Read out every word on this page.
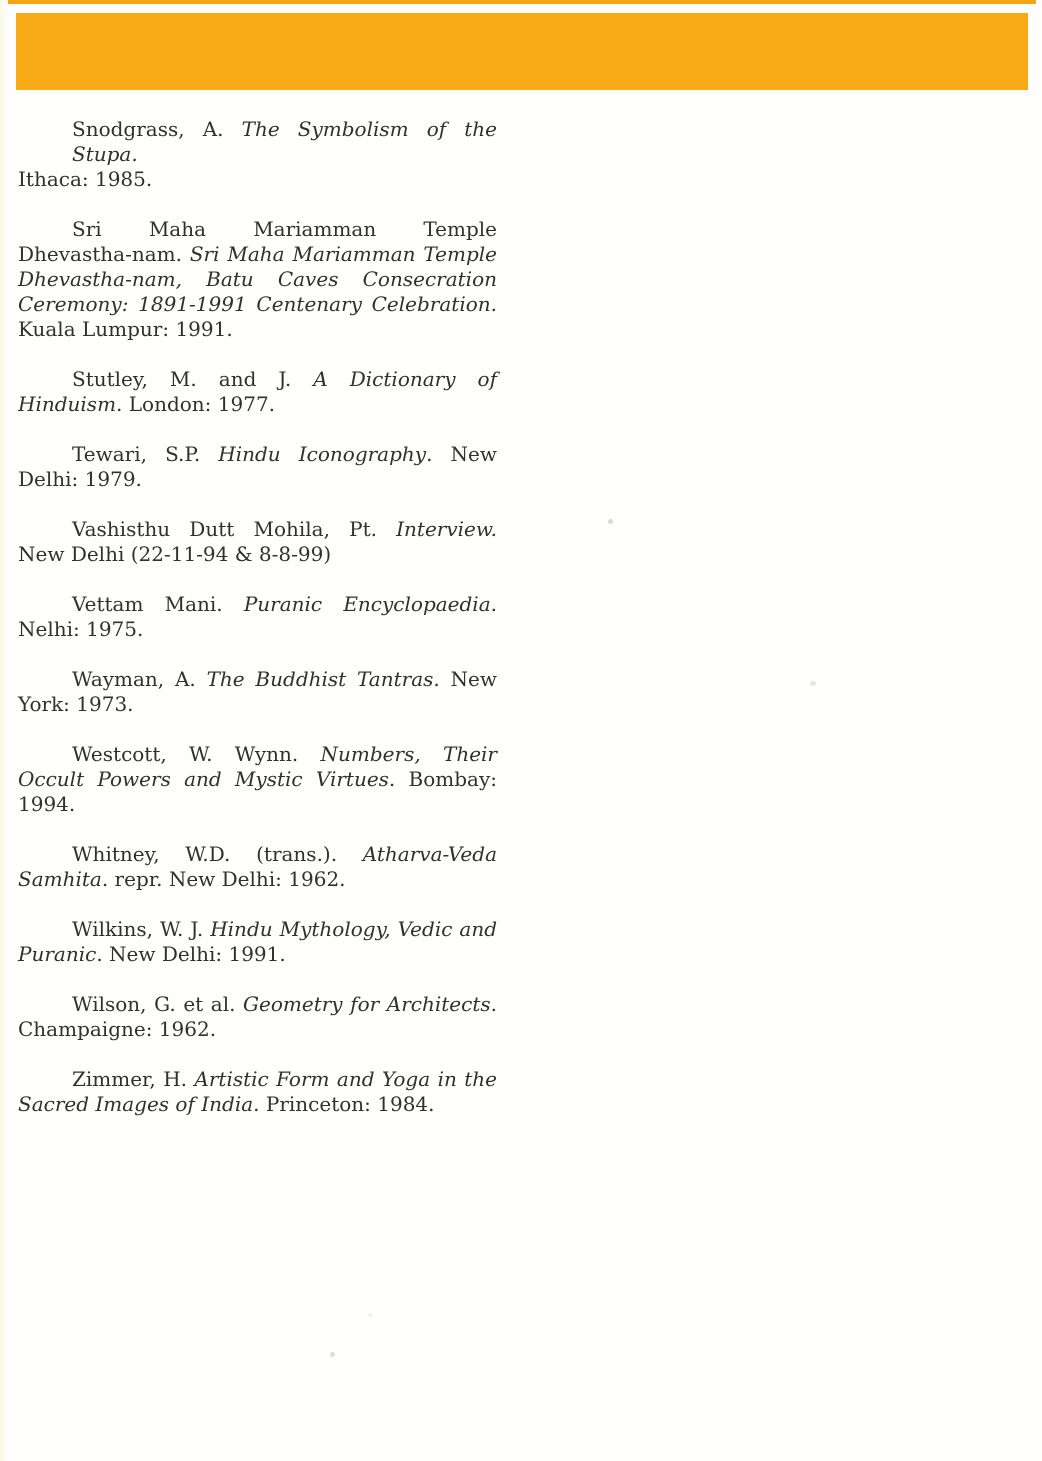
Snodgrass, A. The Symbolism of the Stupa.
Ithaca: 1985.
Sri Maha Mariamman Temple
Dhevastha-nam. Sri Maha Mariamman Temple
Dhevastha-nam, Batu Caves Consecration
Ceremony: 1891-1991 Centenary Celebration.
Kuala Lumpur: 1991.
Stutley, M. and J. A Dictionary of
Hinduism. London: 1977.
Tewari, S.P. Hindu Iconography. New
Delhi: 1979.
Vashisthu Dutt Mohila, Pt. Interview.
New Delhi (22-11-94 & 8-8-99)
Vettam Mani. Puranic Encyclopaedia.
Nelhi: 1975.
Wayman, A. The Buddhist Tantras. New
York: 1973.
Westcott, W. Wynn. Numbers, Their
Occult Powers and Mystic Virtues. Bombay:
1994.
Whitney, W.D. (trans.). Atharva-Veda
Samhita. repr. New Delhi: 1962.
Wilkins, W. J. Hindu Mythology, Vedic and
Puranic. New Delhi: 1991.
Wilson, G. et al. Geometry for Architects.
Champaigne: 1962.
Zimmer, H. Artistic Form and Yoga in the
Sacred Images of India. Princeton: 1984.
